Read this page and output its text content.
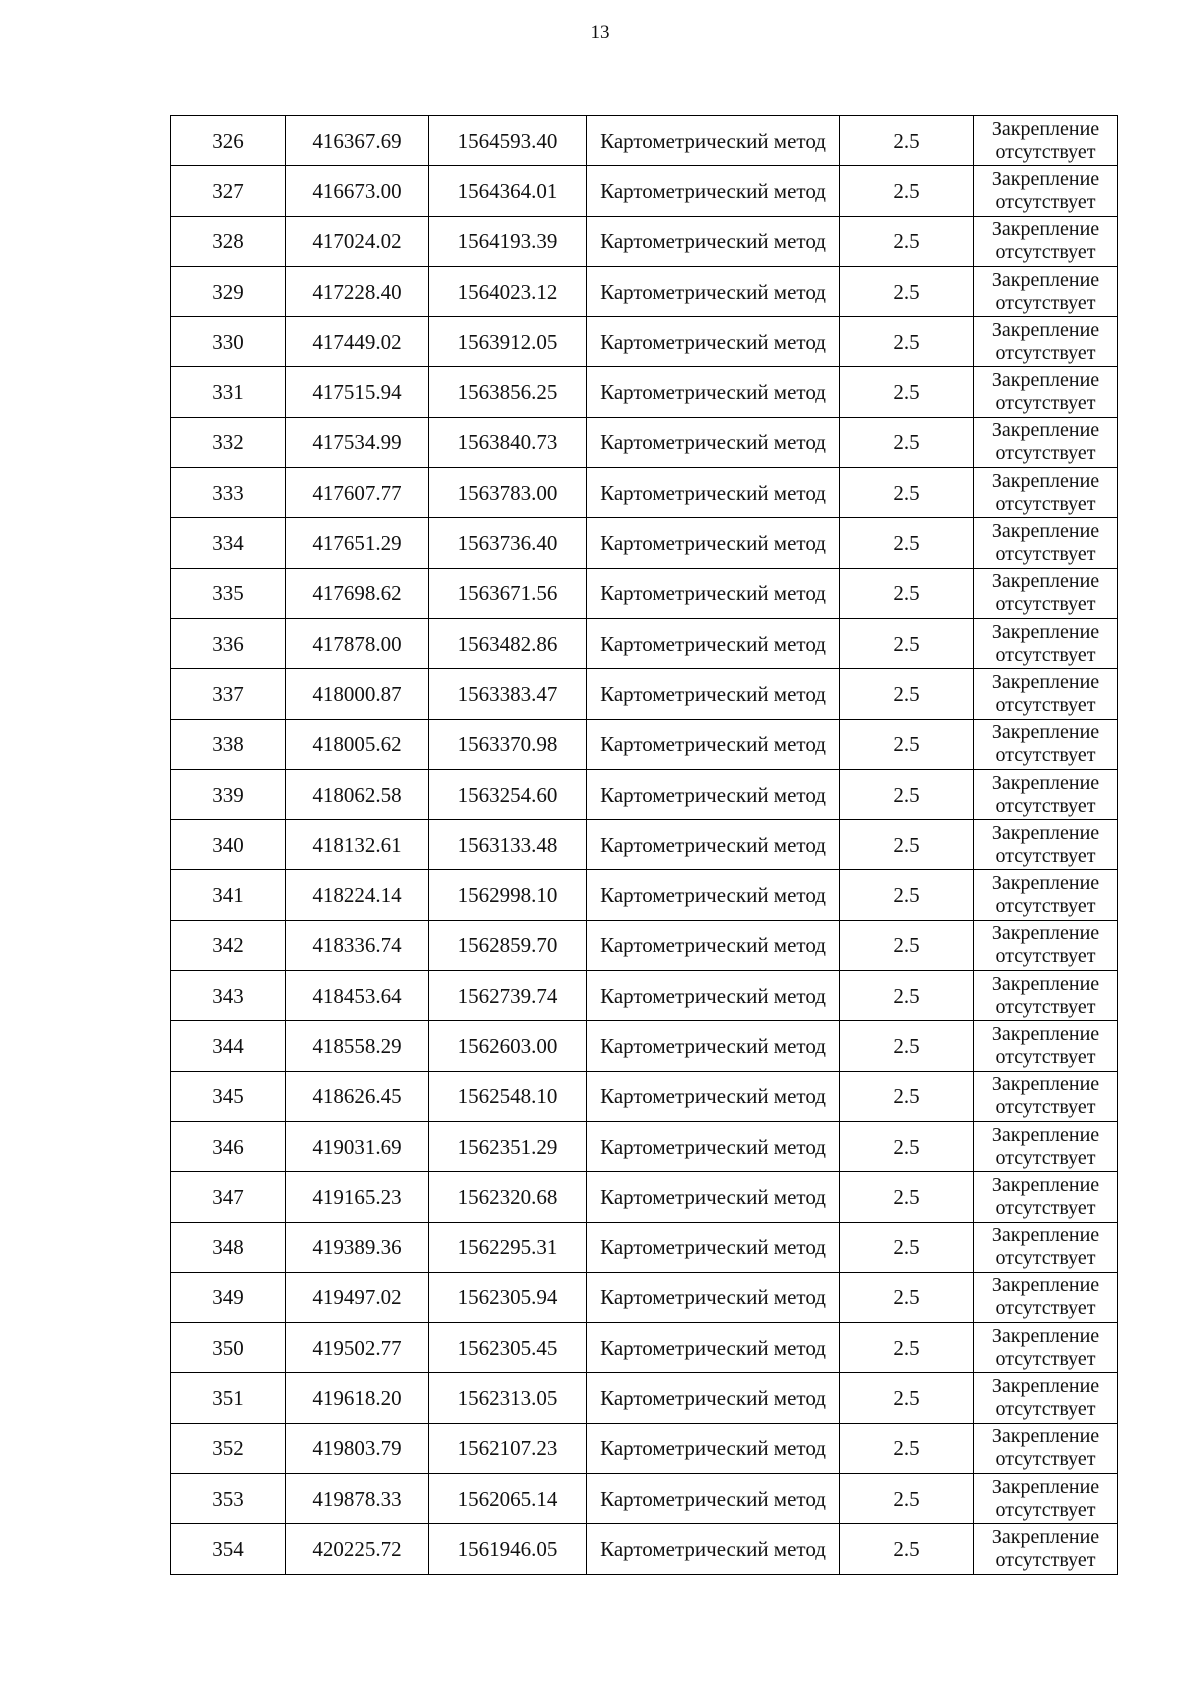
13
326	416367.69	1564593.40	Картометрический метод	2.5	Закрепление отсутствует
327	416673.00	1564364.01	Картометрический метод	2.5	Закрепление отсутствует
328	417024.02	1564193.39	Картометрический метод	2.5	Закрепление отсутствует
329	417228.40	1564023.12	Картометрический метод	2.5	Закрепление отсутствует
330	417449.02	1563912.05	Картометрический метод	2.5	Закрепление отсутствует
331	417515.94	1563856.25	Картометрический метод	2.5	Закрепление отсутствует
332	417534.99	1563840.73	Картометрический метод	2.5	Закрепление отсутствует
333	417607.77	1563783.00	Картометрический метод	2.5	Закрепление отсутствует
334	417651.29	1563736.40	Картометрический метод	2.5	Закрепление отсутствует
335	417698.62	1563671.56	Картометрический метод	2.5	Закрепление отсутствует
336	417878.00	1563482.86	Картометрический метод	2.5	Закрепление отсутствует
337	418000.87	1563383.47	Картометрический метод	2.5	Закрепление отсутствует
338	418005.62	1563370.98	Картометрический метод	2.5	Закрепление отсутствует
339	418062.58	1563254.60	Картометрический метод	2.5	Закрепление отсутствует
340	418132.61	1563133.48	Картометрический метод	2.5	Закрепление отсутствует
341	418224.14	1562998.10	Картометрический метод	2.5	Закрепление отсутствует
342	418336.74	1562859.70	Картометрический метод	2.5	Закрепление отсутствует
343	418453.64	1562739.74	Картометрический метод	2.5	Закрепление отсутствует
344	418558.29	1562603.00	Картометрический метод	2.5	Закрепление отсутствует
345	418626.45	1562548.10	Картометрический метод	2.5	Закрепление отсутствует
346	419031.69	1562351.29	Картометрический метод	2.5	Закрепление отсутствует
347	419165.23	1562320.68	Картометрический метод	2.5	Закрепление отсутствует
348	419389.36	1562295.31	Картометрический метод	2.5	Закрепление отсутствует
349	419497.02	1562305.94	Картометрический метод	2.5	Закрепление отсутствует
350	419502.77	1562305.45	Картометрический метод	2.5	Закрепление отсутствует
351	419618.20	1562313.05	Картометрический метод	2.5	Закрепление отсутствует
352	419803.79	1562107.23	Картометрический метод	2.5	Закрепление отсутствует
353	419878.33	1562065.14	Картометрический метод	2.5	Закрепление отсутствует
354	420225.72	1561946.05	Картометрический метод	2.5	Закрепление отсутствует
